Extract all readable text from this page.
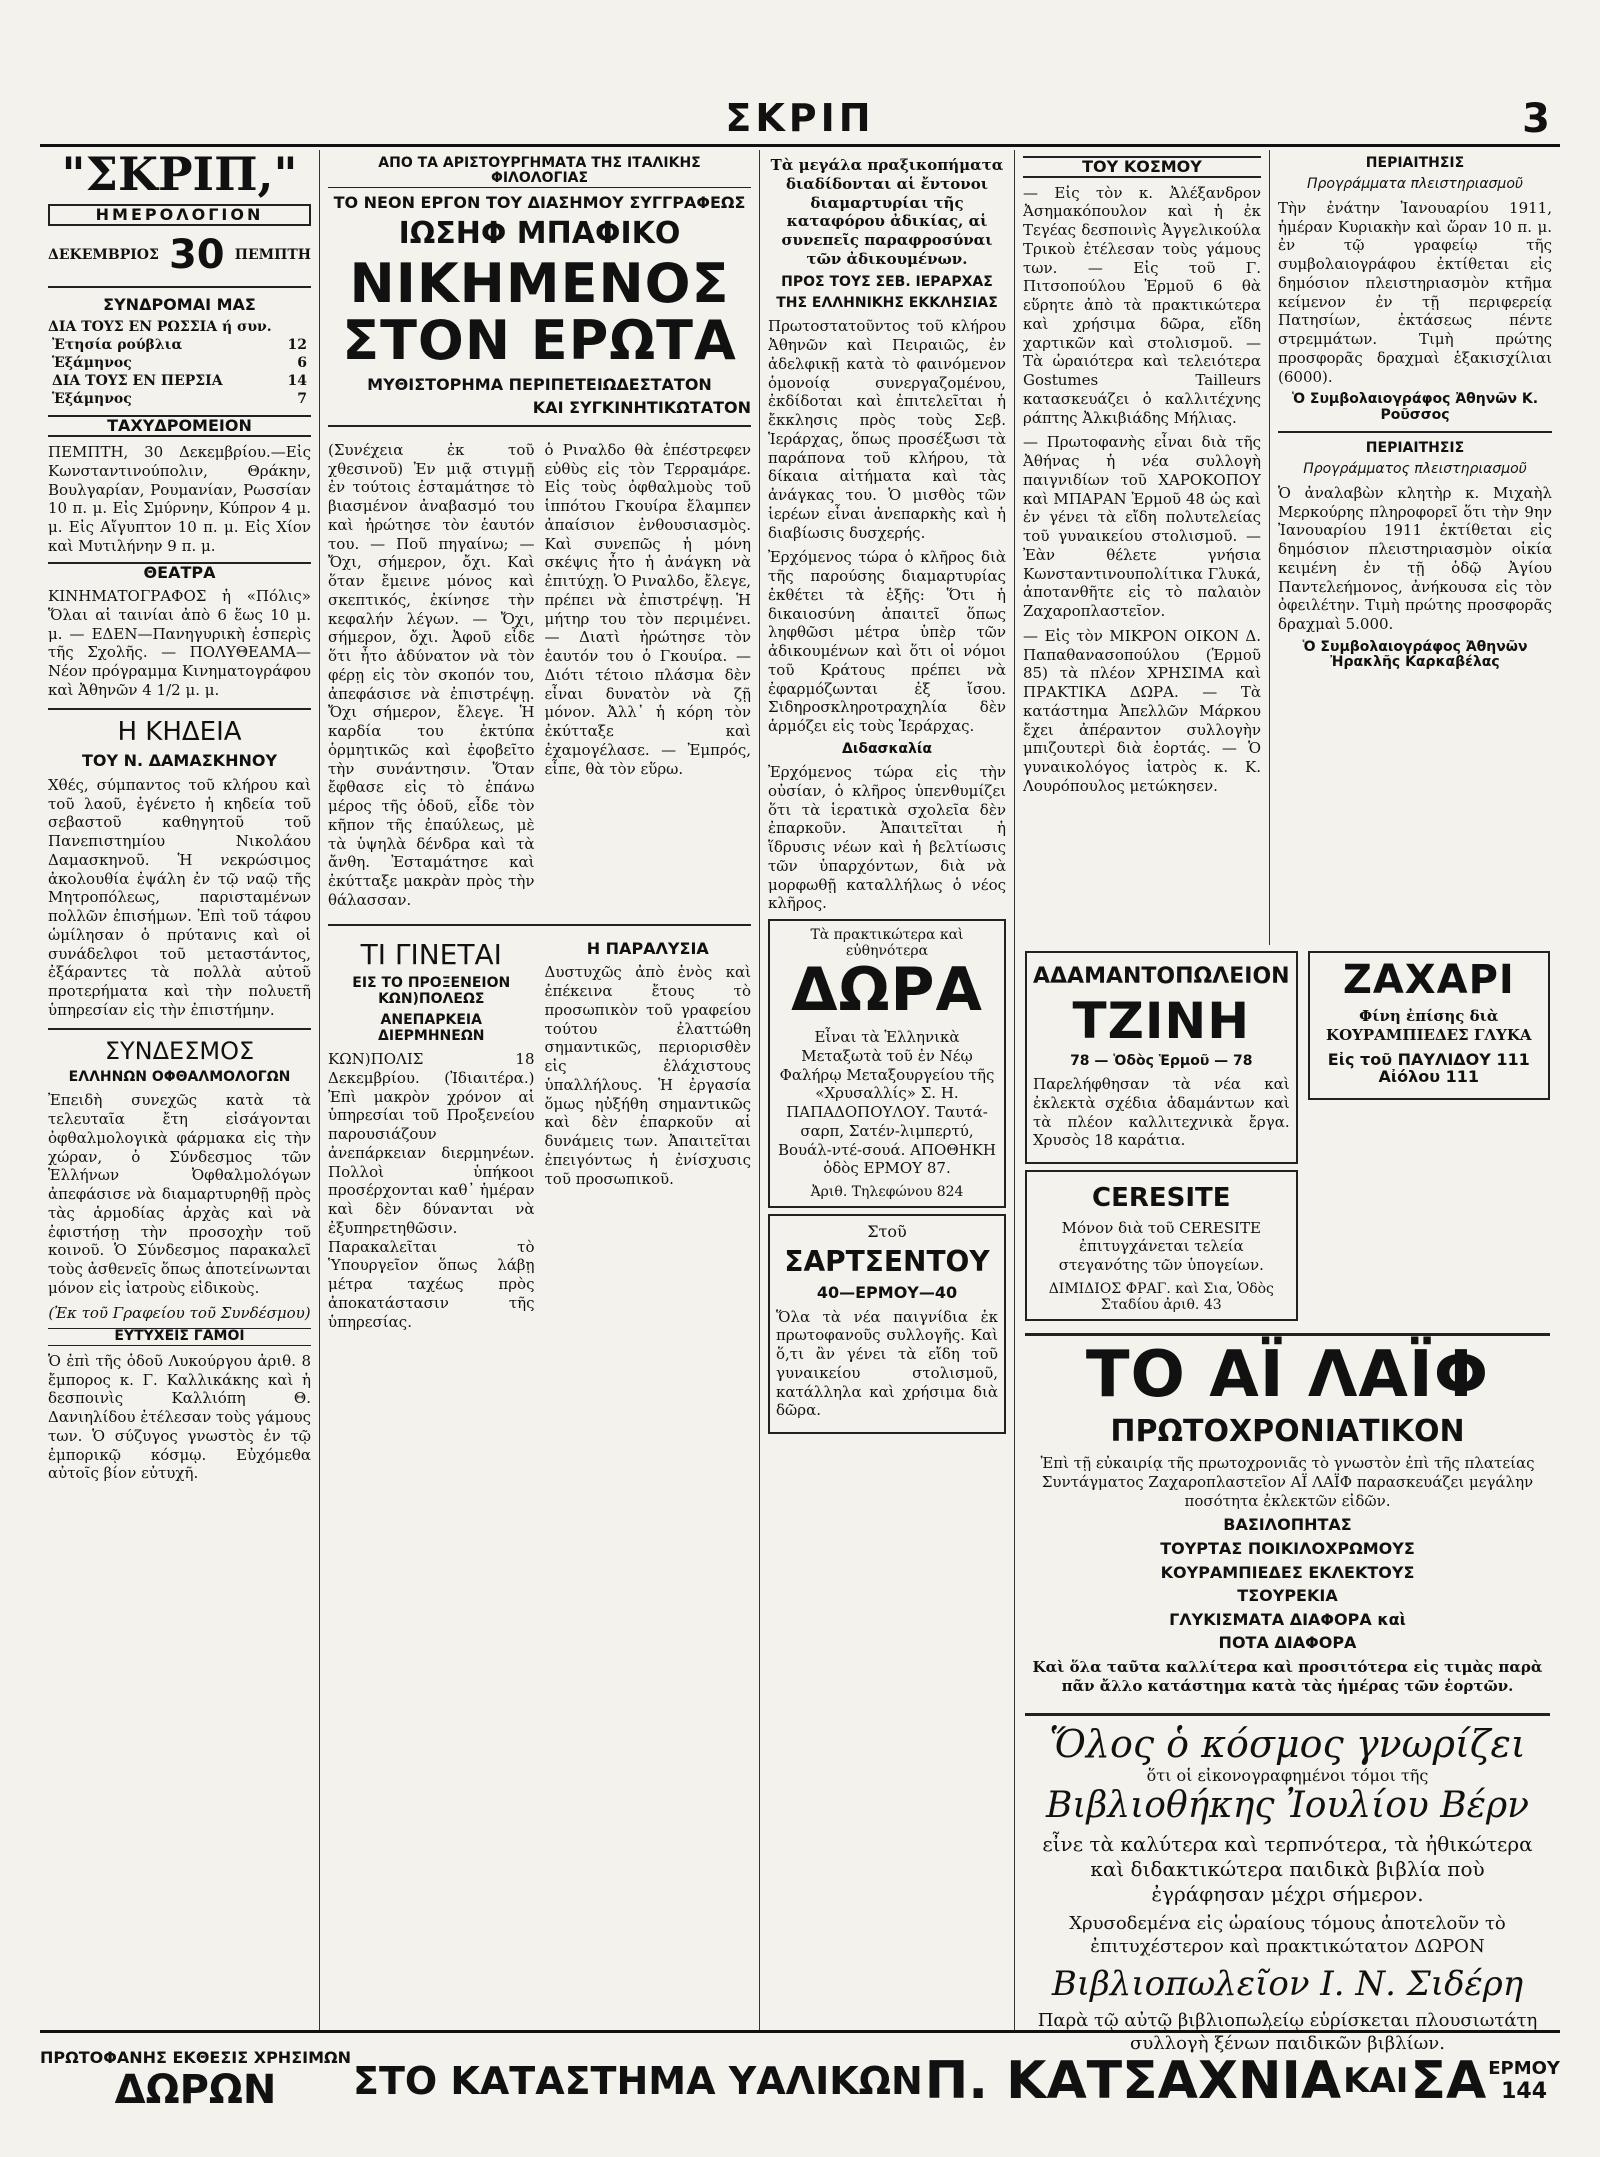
ΣΚΡΙΠ	3
"ΣΚΡΙΠ,"
ΗΜΕΡΟΛΟΓΙΟΝ
ΔΕΚΕΜΒΡΙΟΣ 30 ΠΕΜΠΤΗ
ΣΥΝΔΡΟΜΑΙ ΜΑΣ
ΔΙΑ ΤΟΥΣ ΕΝ ΡΩΣΣΙΑ ή συν.
Ἐτησία ρούβλια	12
Ἑξάμηνος	6
ΔΙΑ ΤΟΥΣ ΕΝ ΠΕΡΣΙΑ	14
Ἑξάμηνος	7
ΤΑΧΥΔΡΟΜΕΙΟΝ

ΠΕΜΠΤΗ, 30 Δεκεμβρίου.—Εἰς Κωνσταντινούπολιν, Θράκην, Βουλγαρίαν, Ρουμανίαν, Ρωσσίαν 10 π. μ. Εἰς Σμύρνην, Κύπρον 4 μ. μ. Εἰς Αἴγυπτον 10 π. μ. Εἰς Χίον καὶ Μυτιλήνην 9 π. μ.

ΘΕΑΤΡΑ

ΚΙΝΗΜΑΤΟΓΡΑΦΟΣ ἡ «Πόλις» Ὅλαι αἱ ταινίαι ἀπὸ 6 ἕως 10 μ. μ. — ΕΔΕΝ—Πανηγυρικὴ ἑσπερὶς τῆς Σχολῆς. — ΠΟΛΥΘΕΑΜΑ— Νέον πρόγραμμα Κινηματογράφου καὶ Ἀθηνῶν 4 1/2 μ. μ.

Η ΚΗΔΕΙΑ
ΤΟΥ Ν. ΔΑΜΑΣΚΗΝΟΥ

Χθές, σύμπαντος τοῦ κλήρου καὶ τοῦ λαοῦ, ἐγένετο ἡ κηδεία τοῦ σεβαστοῦ καθηγητοῦ τοῦ Πανεπιστημίου Νικολάου Δαμασκηνοῦ. Ἡ νεκρώσιμος ἀκολουθία ἐψάλη ἐν τῷ ναῷ τῆς Μητροπόλεως, παρισταμένων πολλῶν ἐπισήμων. Ἐπὶ τοῦ τάφου ὡμίλησαν ὁ πρύτανις καὶ οἱ συνάδελφοι τοῦ μεταστάντος, ἐξάραντες τὰ πολλὰ αὐτοῦ προτερήματα καὶ τὴν πολυετῆ ὑπηρεσίαν εἰς τὴν ἐπιστήμην.

ΣΥΝΔΕΣΜΟΣ
ΕΛΛΗΝΩΝ ΟΦΘΑΛΜΟΛΟΓΩΝ

Ἐπειδὴ συνεχῶς κατὰ τὰ τελευταῖα ἔτη εἰσάγονται ὀφθαλμολογικὰ φάρμακα εἰς τὴν χώραν, ὁ Σύνδεσμος τῶν Ἑλλήνων Ὀφθαλμολόγων ἀπεφάσισε νὰ διαμαρτυρηθῇ πρὸς τὰς ἁρμοδίας ἀρχὰς καὶ νὰ ἐφιστήσῃ τὴν προσοχὴν τοῦ κοινοῦ. Ὁ Σύνδεσμος παρακαλεῖ τοὺς ἀσθενεῖς ὅπως ἀποτείνωνται μόνον εἰς ἰατροὺς εἰδικοὺς.

(Ἐκ τοῦ Γραφείου τοῦ Συνδέσμου)

ΕΥΤΥΧΕΙΣ ΓΑΜΟΙ

Ὁ ἐπὶ τῆς ὁδοῦ Λυκούργου ἀριθ. 8 ἔμπορος κ. Γ. Καλλικάκης καὶ ἡ δεσποινὶς Καλλιόπη Θ. Δανιηλίδου ἐτέλεσαν τοὺς γάμους των. Ὁ σύζυγος γνωστὸς ἐν τῷ ἐμπορικῷ κόσμῳ. Εὐχόμεθα αὐτοῖς βίον εὐτυχῆ.

ΑΠΟ ΤΑ ΑΡΙΣΤΟΥΡΓΗΜΑΤΑ ΤΗΣ ΙΤΑΛΙΚΗΣ ΦΙΛΟΛΟΓΙΑΣ
ΤΟ ΝΕΟΝ ΕΡΓΟΝ ΤΟΥ ΔΙΑΣΗΜΟΥ ΣΥΓΓΡΑΦΕΩΣ
ΙΩΣΗΦ ΜΠΑΦΙΚΟ
ΝΙΚΗΜΕΝΟΣ
ΣΤΟΝ ΕΡΩΤΑ
ΜΥΘΙΣΤΟΡΗΜΑ ΠΕΡΙΠΕΤΕΙΩΔΕΣΤΑΤΟΝ
ΚΑΙ ΣΥΓΚΙΝΗΤΙΚΩΤΑΤΟΝ

(Συνέχεια ἐκ τοῦ χθεσινοῦ) Ἐν μιᾷ στιγμῇ ἐν τούτοις ἐσταμάτησε τὸ βιασμένον ἀναβασμό του καὶ ἠρώτησε τὸν ἑαυτόν του. — Ποῦ πηγαίνω; — Ὄχι, σήμερον, ὄχι. Καὶ ὅταν ἔμεινε μόνος καὶ σκεπτικός, ἐκίνησε τὴν κεφαλήν λέγων. — Ὄχι, σήμερον, ὄχι. Ἀφοῦ εἶδε ὅτι ἦτο ἀδύνατον νὰ τὸν φέρῃ εἰς τὸν σκοπόν του, ἀπεφάσισε νὰ ἐπιστρέψῃ. Ὄχι σήμερον, ἔλεγε. Ἡ καρδία του ἐκτύπα ὁρμητικῶς καὶ ἐφοβεῖτο τὴν συνάντησιν. Ὅταν ἔφθασε εἰς τὸ ἐπάνω μέρος τῆς ὁδοῦ, εἶδε τὸν κῆπον τῆς ἐπαύλεως, μὲ τὰ ὑψηλὰ δένδρα καὶ τὰ ἄνθη. Ἐσταμάτησε καὶ ἐκύτταξε μακρὰν πρὸς τὴν θάλασσαν.

ὁ Ριναλδο θὰ ἐπέστρεφεν εὐθὺς εἰς τὸν Τερραμάρε. Εἰς τοὺς ὀφθαλμοὺς τοῦ ἱππότου Γκουίρα ἔλαμπεν ἀπαίσιον ἐνθουσιασμὸς. Καὶ συνεπῶς ἡ μόνη σκέψις ἦτο ἡ ἀνάγκη νὰ ἐπιτύχῃ. Ὁ Ριναλδο, ἔλεγε, πρέπει νὰ ἐπιστρέψῃ. Ἡ μήτηρ του τὸν περιμένει. — Διατὶ ἠρώτησε τὸν ἑαυτόν του ὁ Γκουίρα. — Διότι τέτοιο πλάσμα δὲν εἶναι δυνατὸν νὰ ζῇ μόνον. Ἀλλ᾽ ἡ κόρη τὸν ἐκύτταξε καὶ ἐχαμογέλασε. — Ἐμπρός, εἶπε, θὰ τὸν εὕρω.

ΤΙ ΓΙΝΕΤΑΙ
ΕΙΣ ΤΟ ΠΡΟΞΕΝΕΙΟΝ ΚΩΝ)ΠΟΛΕΩΣ
ΑΝΕΠΑΡΚΕΙΑ ΔΙΕΡΜΗΝΕΩΝ

ΚΩΝ)ΠΟΛΙΣ 18 Δεκεμβρίου. (Ἰδιαιτέρα.) Ἐπὶ μακρὸν χρόνον αἱ ὑπηρεσίαι τοῦ Προξενείου παρουσιάζουν ἀνεπάρκειαν διερμηνέων. Πολλοὶ ὑπήκοοι προσέρχονται καθ᾽ ἡμέραν καὶ δὲν δύνανται νὰ ἐξυπηρετηθῶσιν. Παρακαλεῖται τὸ Ὑπουργεῖον ὅπως λάβῃ μέτρα ταχέως πρὸς ἀποκατάστασιν τῆς ὑπηρεσίας.

Η ΠΑΡΑΛΥΣΙΑ

Δυστυχῶς ἀπὸ ἑνὸς καὶ ἐπέκεινα ἔτους τὸ προσωπικὸν τοῦ γραφείου τούτου ἐλαττώθη σημαντικῶς, περιορισθὲν εἰς ἐλάχιστους ὑπαλλήλους. Ἡ ἐργασία ὅμως ηὐξήθη σημαντικῶς καὶ δὲν ἐπαρκοῦν αἱ δυνάμεις των. Ἀπαιτεῖται ἐπειγόντως ἡ ἐνίσχυσις τοῦ προσωπικοῦ.

Τὰ μεγάλα πραξικοπήματα διαδίδονται αἱ ἔντονοι διαμαρτυρίαι τῆς καταφόρου ἀδικίας, αἱ συνεπεῖς παραφροσύναι τῶν ἀδικουμένων.

ΠΡΟΣ ΤΟΥΣ ΣΕΒ. ΙΕΡΑΡΧΑΣ
ΤΗΣ ΕΛΛΗΝΙΚΗΣ ΕΚΚΛΗΣΙΑΣ

Πρωτοστατοῦντος τοῦ κλήρου Ἀθηνῶν καὶ Πειραιῶς, ἐν ἀδελφικῇ κατὰ τὸ φαινόμενον ὁμονοίᾳ συνεργαζομένου, ἐκδίδοται καὶ ἐπιτελεῖται ἡ ἔκκλησις πρὸς τοὺς Σεβ. Ἱεράρχας, ὅπως προσέξωσι τὰ παράπονα τοῦ κλήρου, τὰ δίκαια αἰτήματα καὶ τὰς ἀνάγκας του. Ὁ μισθὸς τῶν ἱερέων εἶναι ἀνεπαρκὴς καὶ ἡ διαβίωσις δυσχερής.

Ἐρχόμενος τώρα ὁ κλῆρος διὰ τῆς παρούσης διαμαρτυρίας ἐκθέτει τὰ ἑξῆς: Ὅτι ἡ δικαιοσύνη ἀπαιτεῖ ὅπως ληφθῶσι μέτρα ὑπὲρ τῶν ἀδικουμένων καὶ ὅτι οἱ νόμοι τοῦ Κράτους πρέπει νὰ ἐφαρμόζωνται ἐξ ἴσου. Σιδηροσκληροτραχηλία δὲν ἁρμόζει εἰς τοὺς Ἱεράρχας.

Διδασκαλία

Ἐρχόμενος τώρα εἰς τὴν οὐσίαν, ὁ κλῆρος ὑπενθυμίζει ὅτι τὰ ἱερατικὰ σχολεῖα δὲν ἐπαρκοῦν. Ἀπαιτεῖται ἡ ἵδρυσις νέων καὶ ἡ βελτίωσις τῶν ὑπαρχόντων, διὰ νὰ μορφωθῇ καταλλήλως ὁ νέος κλῆρος.

Τὰ πρακτικώτερα καὶ εὐθηνότερα
ΔΩΡΑ

Εἶναι τὰ Ἑλληνικὰ Μεταξωτὰ τοῦ ἐν Νέῳ Φαλήρῳ Μεταξουργείου τῆς «Χρυσαλλίς» Σ. Η. ΠΑΠΑΔΟΠΟΥΛΟΥ. Ταυτά-σαρπ, Σατέν-λιμπερτύ, Βουάλ-ντέ-σουά. ΑΠΟΘΗΚΗ ὁδὸς ΕΡΜΟΥ 87.

Ἀριθ. Τηλεφώνου 824
Στοῦ
ΣΑΡΤΣΕΝΤΟΥ
40—ΕΡΜΟΥ—40

Ὅλα τὰ νέα παιγνίδια ἐκ πρωτοφανοῦς συλλογῆς. Καὶ ὅ,τι ἂν γένει τὰ εἴδη τοῦ γυναικείου στολισμοῦ, κατάλληλα καὶ χρήσιμα διὰ δῶρα.

ΤΟΥ ΚΟΣΜΟΥ

— Εἰς τὸν κ. Ἀλέξανδρον Ἀσημακόπουλον καὶ ἡ ἐκ Τεγέας δεσποινὶς Ἀγγελικούλα Τρικοὺ ἐτέλεσαν τοὺς γάμους των. — Εἰς τοῦ Γ. Πιτσοπούλου Ἑρμοῦ 6 θὰ εὕρητε ἀπὸ τὰ πρακτικώτερα καὶ χρήσιμα δῶρα, εἴδη χαρτικῶν καὶ στολισμοῦ. — Τὰ ὡραιότερα καὶ τελειότερα Gostumes Tailleurs κατασκευάζει ὁ καλλιτέχνης ράπτης Ἀλκιβιάδης Μήλιας.

— Πρωτοφανὴς εἶναι διὰ τῆς Ἀθήνας ἡ νέα συλλογὴ παιγνιδίων τοῦ ΧΑΡΟΚΟΠΟΥ καὶ ΜΠΑΡΑΝ Ἑρμοῦ 48 ὡς καὶ ἐν γένει τὰ εἴδη πολυτελείας τοῦ γυναικείου στολισμοῦ. — Ἐὰν θέλετε γνήσια Κωνσταντινουπολίτικα Γλυκά, ἀποτανθῆτε εἰς τὸ παλαιὸν Ζαχαροπλαστεῖον.

— Εἰς τὸν ΜΙΚΡΟΝ ΟΙΚΟΝ Δ. Παπαθανασοπούλου (Ἑρμοῦ 85) τὰ πλέον ΧΡΗΣΙΜΑ καὶ ΠΡΑΚΤΙΚΑ ΔΩΡΑ. — Τὰ κατάστημα Ἀπελλῶν Μάρκου ἔχει ἀπέραντον συλλογὴν μπιζουτερὶ διὰ ἑορτάς. — Ὁ γυναικολόγος ἰατρὸς κ. Κ. Λουρόπουλος μετώκησεν.

ΠΕΡΙΑΙΤΗΣΙΣ
Προγράμματα πλειστηριασμοῦ

Τὴν ἐνάτην Ἰανουαρίου 1911, ἡμέραν Κυριακὴν καὶ ὥραν 10 π. μ. ἐν τῷ γραφείῳ τῆς συμβολαιογράφου ἐκτίθεται εἰς δημόσιον πλειστηριασμὸν κτῆμα κείμενον ἐν τῇ περιφερείᾳ Πατησίων, ἐκτάσεως πέντε στρεμμάτων. Τιμὴ πρώτης προσφορᾶς δραχμαὶ ἑξακισχίλιαι (6000).

Ὁ Συμβολαιογράφος Ἀθηνῶν Κ. Ροῦσσος
ΠΕΡΙΑΙΤΗΣΙΣ
Προγράμματος πλειστηριασμοῦ

Ὁ ἀναλαβὼν κλητὴρ κ. Μιχαὴλ Μερκούρης πληροφορεῖ ὅτι τὴν 9ην Ἰανουαρίου 1911 ἐκτίθεται εἰς δημόσιον πλειστηριασμὸν οἰκία κειμένη ἐν τῇ ὁδῷ Ἀγίου Παντελεήμονος, ἀνήκουσα εἰς τὸν ὀφειλέτην. Τιμὴ πρώτης προσφορᾶς δραχμαὶ 5.000.

Ὁ Συμβολαιογράφος Ἀθηνῶν Ἠρακλῆς Καρκαβέλας
ΑΔΑΜΑΝΤΟΠΩΛΕΙΟΝ
ΤΖΙΝΗ
78 — Ὁδὸς Ἑρμοῦ — 78

Παρελήφθησαν τὰ νέα καὶ ἐκλεκτὰ σχέδια ἀδαμάντων καὶ τὰ πλέον καλλιτεχνικὰ ἔργα. Χρυσὸς 18 καράτια.

CERESITE

Μόνον διὰ τοῦ CERESITE ἐπιτυγχάνεται τελεία στεγανότης τῶν ὑπογείων.

ΔΙΜΙΔΙΟΣ ΦΡΑΓ. καὶ Σια, Ὁδὸς Σταδίου ἀριθ. 43
ΖΑΧΑΡΙ

Φίνη ἐπίσης διὰ ΚΟΥΡΑΜΠΙΕΔΕΣ ΓΛΥΚΑ

Εἰς τοῦ ΠΑΥΛΙΔΟΥ 111 Αἰόλου 111
ΤΟ ΑΪ ΛΑΪΦ
ΠΡΩΤΟΧΡΟΝΙΑΤΙΚΟΝ

Ἐπὶ τῇ εὐκαιρίᾳ τῆς πρωτοχρονιᾶς τὸ γνωστὸν ἐπὶ τῆς πλατείας Συντάγματος Ζαχαροπλαστεῖον ΑΪ ΛΑΪΦ παρασκευάζει μεγάλην ποσότητα ἐκλεκτῶν εἰδῶν.

ΒΑΣΙΛΟΠΗΤΑΣ
ΤΟΥΡΤΑΣ ΠΟΙΚΙΛΟΧΡΩΜΟΥΣ
ΚΟΥΡΑΜΠΙΕΔΕΣ ΕΚΛΕΚΤΟΥΣ
ΤΣΟΥΡΕΚΙΑ
ΓΛΥΚΙΣΜΑΤΑ ΔΙΑΦΟΡΑ καὶ
ΠΟΤΑ ΔΙΑΦΟΡΑ

Καὶ ὅλα ταῦτα καλλίτερα καὶ προσιτότερα εἰς τιμὰς παρὰ πᾶν ἄλλο κατάστημα κατὰ τὰς ἡμέρας τῶν ἑορτῶν.

Ὅλος ὁ κόσμος γνωρίζει
ὅτι οἱ εἰκονογραφημένοι τόμοι τῆς
Βιβλιοθήκης Ἰουλίου Βέρν

εἶνε τὰ καλύτερα καὶ τερπνότερα, τὰ ἠθικώτερα καὶ διδακτικώτερα παιδικὰ βιβλία ποὺ ἐγράφησαν μέχρι σήμερον.

Χρυσοδεμένα εἰς ὡραίους τόμους ἀποτελοῦν τὸ ἐπιτυχέστερον καὶ πρακτικώτατον ΔΩΡΟΝ

Βιβλιοπωλεῖον Ι. Ν. Σιδέρη

Παρὰ τῷ αὐτῷ βιβλιοπωλείῳ εὑρίσκεται πλουσιωτάτη συλλογὴ ξένων παιδικῶν βιβλίων.

ΠΡΩΤΟΦΑΝΗΣ ΕΚΘΕΣΙΣ ΧΡΗΣΙΜΩΝ
ΔΩΡΩΝ	ΣΤΟ ΚΑΤΑΣΤΗΜΑ ΥΑΛΙΚΩΝ Π. ΚΑΤΣΑΧΝΙΑ ΚΑΙ ΣΑ ΕΡΜΟΥ
144
